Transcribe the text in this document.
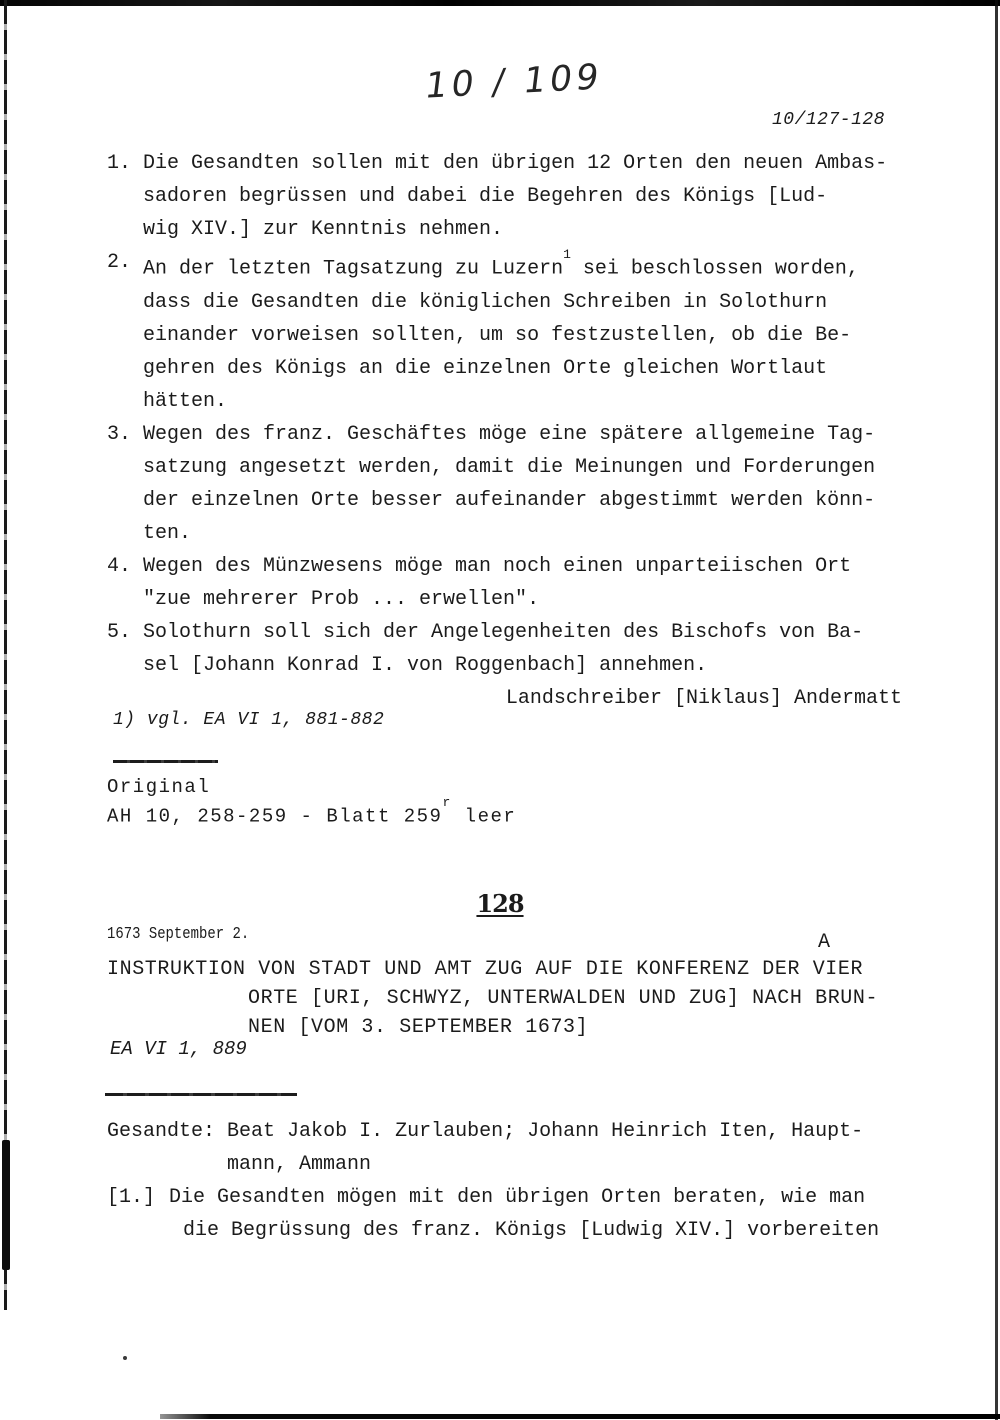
10 / 109
10/127-128
1. Die Gesandten sollen mit den übrigen 12 Orten den neuen Ambas-
sadoren begrüssen und dabei die Begehren des Königs [Lud-
wig XIV.] zur Kenntnis nehmen.
2. An der letzten Tagsatzung zu Luzern$^1$ sei beschlossen worden,
dass die Gesandten die königlichen Schreiben in Solothurn
einander vorweisen sollten, um so festzustellen, ob die Be-
gehren des Königs an die einzelnen Orte gleichen Wortlaut
hätten.
3. Wegen des franz. Geschäftes möge eine spätere allgemeine Tag-
satzung angesetzt werden, damit die Meinungen und Forderungen
der einzelnen Orte besser aufeinander abgestimmt werden könn-
ten.
4. Wegen des Münzwesens möge man noch einen unparteiischen Ort
"zue mehrerer Prob ... erwellen".
5. Solothurn soll sich der Angelegenheiten des Bischofs von Ba-
sel [Johann Konrad I. von Roggenbach] annehmen.
Landschreiber [Niklaus] Andermatt
1) vgl. EA VI 1, 881-882
Original
AH 10, 258-259 - Blatt 259$^r$ leer
128
1673 September 2.	A
INSTRUKTION VON STADT UND AMT ZUG AUF DIE KONFERENZ DER VIER
ORTE [URI, SCHWYZ, UNTERWALDEN UND ZUG] NACH BRUN-
NEN [VOM 3. SEPTEMBER 1673]
EA VI 1, 889
Gesandte: Beat Jakob I. Zurlauben; Johann Heinrich Iten, Haupt-
mann, Ammann
[1.] Die Gesandten mögen mit den übrigen Orten beraten, wie man
die Begrüssung des franz. Königs [Ludwig XIV.] vorbereiten
